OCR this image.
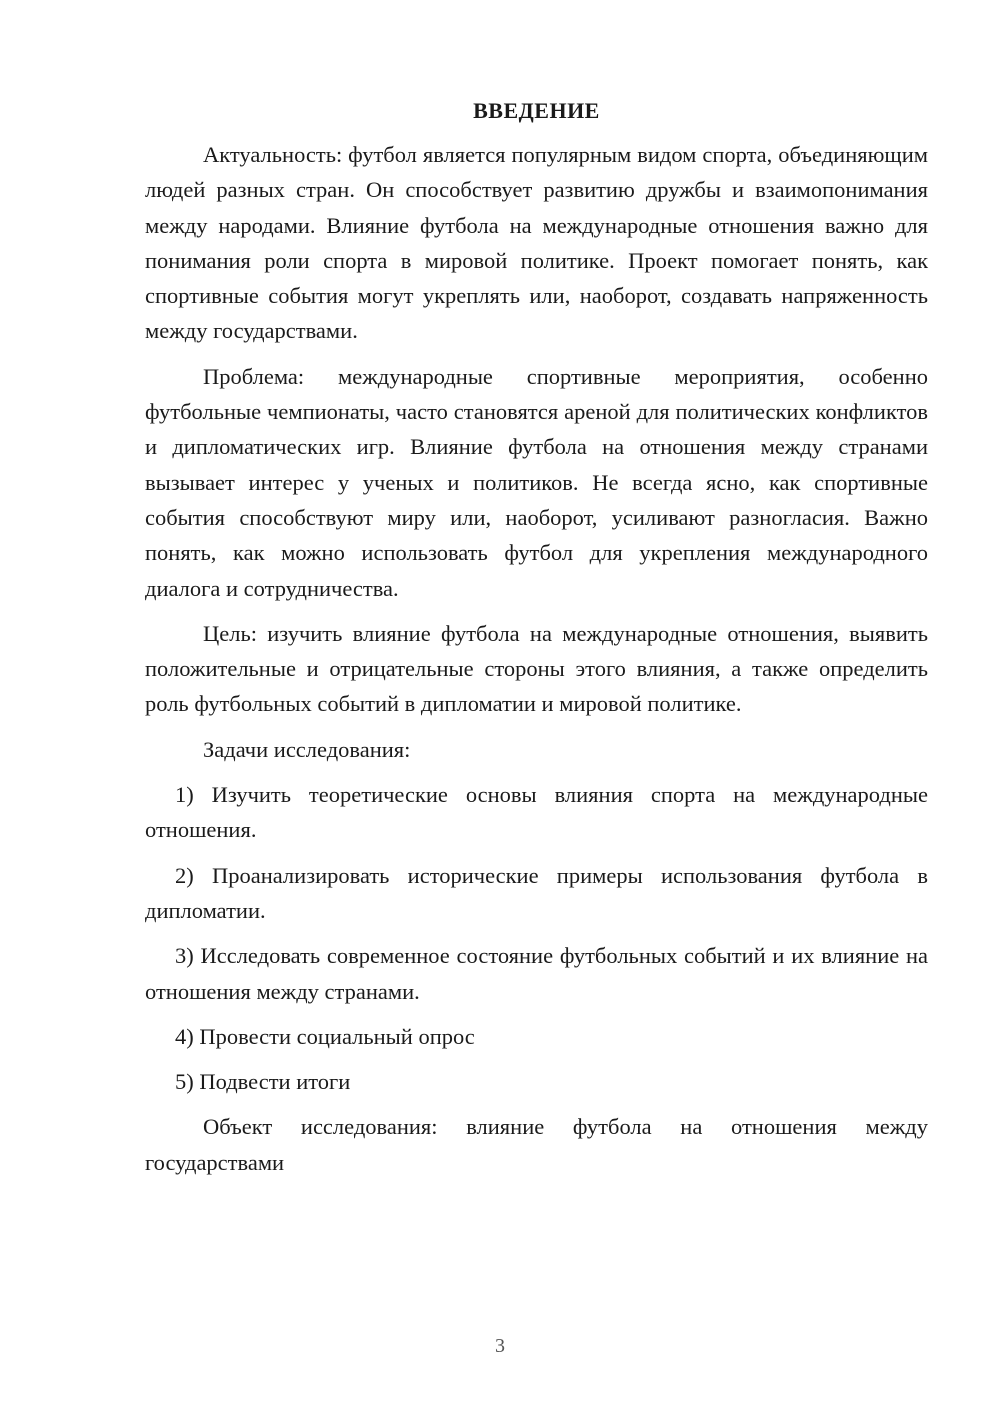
ВВЕДЕНИЕ

Актуальность: футбол является популярным видом спорта, объединяющим людей разных стран. Он способствует развитию дружбы и взаимопонимания между народами. Влияние футбола на международные отношения важно для понимания роли спорта в мировой политике. Проект помогает понять, как спортивные события могут укреплять или, наоборот, создавать напряженность между государствами.

Проблема: международные спортивные мероприятия, особенно футбольные чемпионаты, часто становятся ареной для политических конфликтов и дипломатических игр. Влияние футбола на отношения между странами вызывает интерес у ученых и политиков. Не всегда ясно, как спортивные события способствуют миру или, наоборот, усиливают разногласия. Важно понять, как можно использовать футбол для укрепления международного диалога и сотрудничества.

Цель: изучить влияние футбола на международные отношения, выявить положительные и отрицательные стороны этого влияния, а также определить роль футбольных событий в дипломатии и мировой политике.

Задачи исследования:

1) Изучить теоретические основы влияния спорта на международные отношения.

2) Проанализировать исторические примеры использования футбола в дипломатии.

3) Исследовать современное состояние футбольных событий и их влияние на отношения между странами.

4) Провести социальный опрос

5) Подвести итоги

Объект исследования: влияние футбола на отношения между государствами

3
